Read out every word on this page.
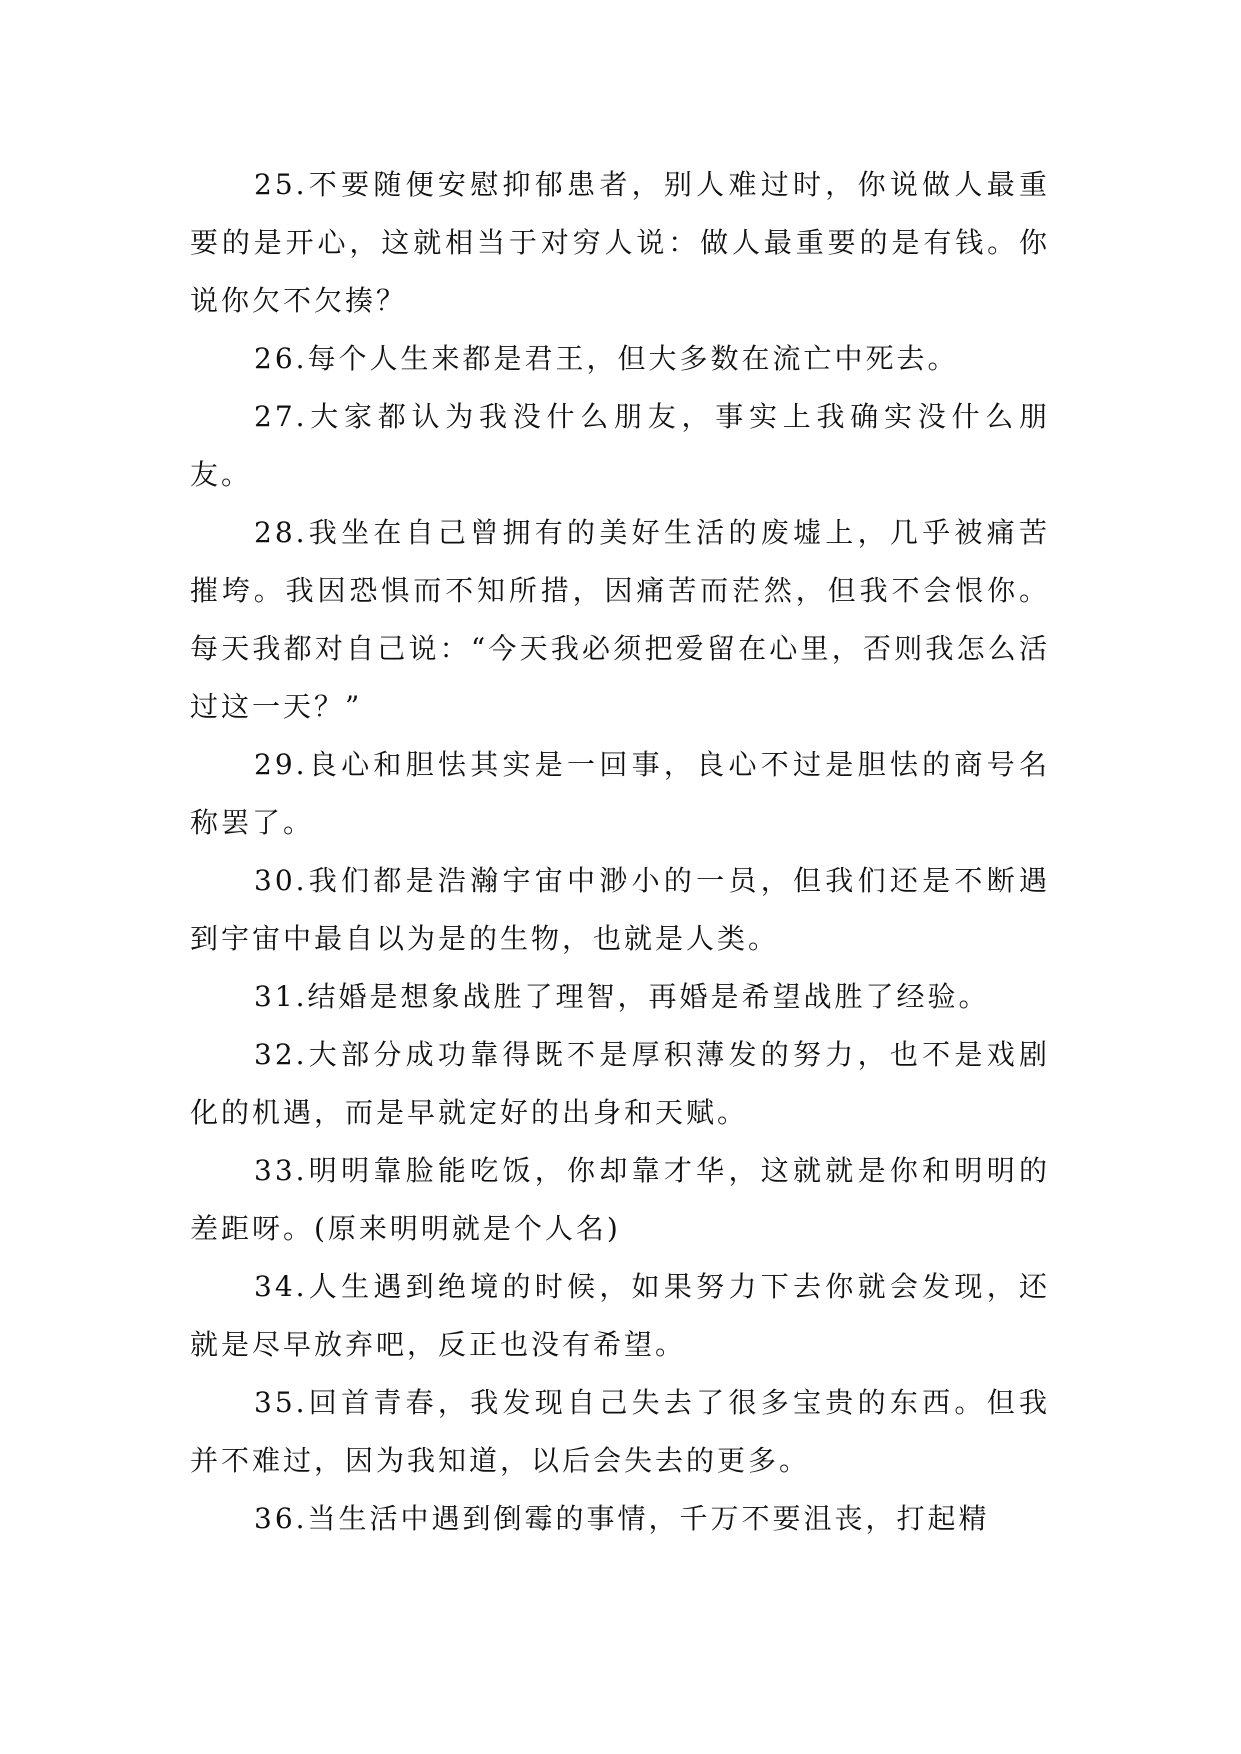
25.不要随便安慰抑郁患者，别人难过时，你说做人最重要的是开心，这就相当于对穷人说：做人最重要的是有钱。你说你欠不欠揍？

26.每个人生来都是君王，但大多数在流亡中死去。

27.大家都认为我没什么朋友，事实上我确实没什么朋友。

28.我坐在自己曾拥有的美好生活的废墟上，几乎被痛苦摧垮。我因恐惧而不知所措，因痛苦而茫然，但我不会恨你。每天我都对自己说：“今天我必须把爱留在心里，否则我怎么活过这一天？”

29.良心和胆怯其实是一回事，良心不过是胆怯的商号名称罢了。

30.我们都是浩瀚宇宙中渺小的一员，但我们还是不断遇到宇宙中最自以为是的生物，也就是人类。

31.结婚是想象战胜了理智，再婚是希望战胜了经验。

32.大部分成功靠得既不是厚积薄发的努力，也不是戏剧化的机遇，而是早就定好的出身和天赋。

33.明明靠脸能吃饭，你却靠才华，这就就是你和明明的差距呀。(原来明明就是个人名)

34.人生遇到绝境的时候，如果努力下去你就会发现，还就是尽早放弃吧，反正也没有希望。

35.回首青春，我发现自己失去了很多宝贵的东西。但我并不难过，因为我知道，以后会失去的更多。

36.当生活中遇到倒霉的事情，千万不要沮丧，打起精
